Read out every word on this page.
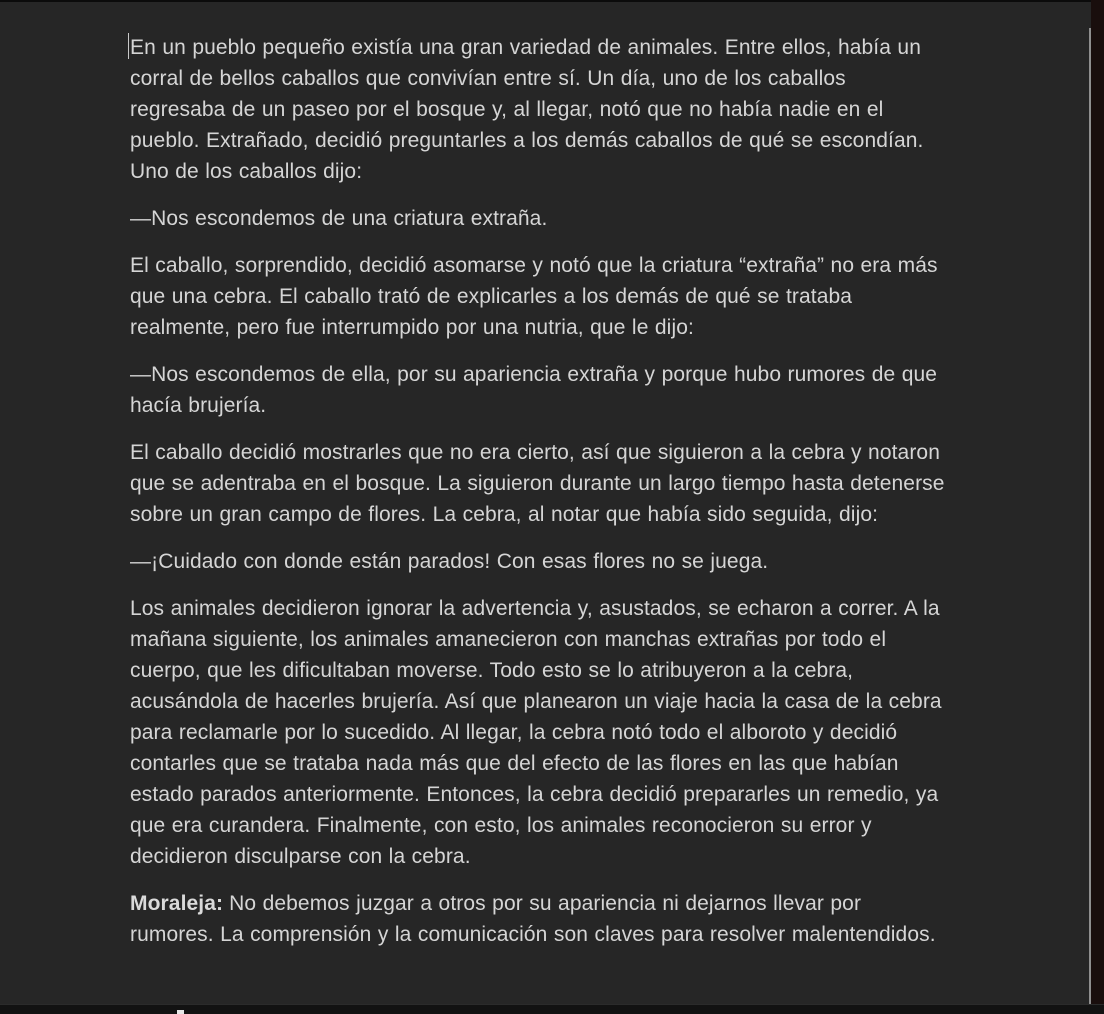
En un pueblo pequeño existía una gran variedad de animales. Entre ellos, había un corral de bellos caballos que convivían entre sí. Un día, uno de los caballos regresaba de un paseo por el bosque y, al llegar, notó que no había nadie en el pueblo. Extrañado, decidió preguntarles a los demás caballos de qué se escondían. Uno de los caballos dijo:

—Nos escondemos de una criatura extraña.

El caballo, sorprendido, decidió asomarse y notó que la criatura “extraña” no era más que una cebra. El caballo trató de explicarles a los demás de qué se trataba realmente, pero fue interrumpido por una nutria, que le dijo:

—Nos escondemos de ella, por su apariencia extraña y porque hubo rumores de que hacía brujería.

El caballo decidió mostrarles que no era cierto, así que siguieron a la cebra y notaron que se adentraba en el bosque. La siguieron durante un largo tiempo hasta detenerse sobre un gran campo de flores. La cebra, al notar que había sido seguida, dijo:

—¡Cuidado con donde están parados! Con esas flores no se juega.

Los animales decidieron ignorar la advertencia y, asustados, se echaron a correr. A la mañana siguiente, los animales amanecieron con manchas extrañas por todo el cuerpo, que les dificultaban moverse. Todo esto se lo atribuyeron a la cebra, acusándola de hacerles brujería. Así que planearon un viaje hacia la casa de la cebra para reclamarle por lo sucedido. Al llegar, la cebra notó todo el alboroto y decidió contarles que se trataba nada más que del efecto de las flores en las que habían estado parados anteriormente. Entonces, la cebra decidió prepararles un remedio, ya que era curandera. Finalmente, con esto, los animales reconocieron su error y decidieron disculparse con la cebra.

Moraleja: No debemos juzgar a otros por su apariencia ni dejarnos llevar por rumores. La comprensión y la comunicación son claves para resolver malentendidos.
